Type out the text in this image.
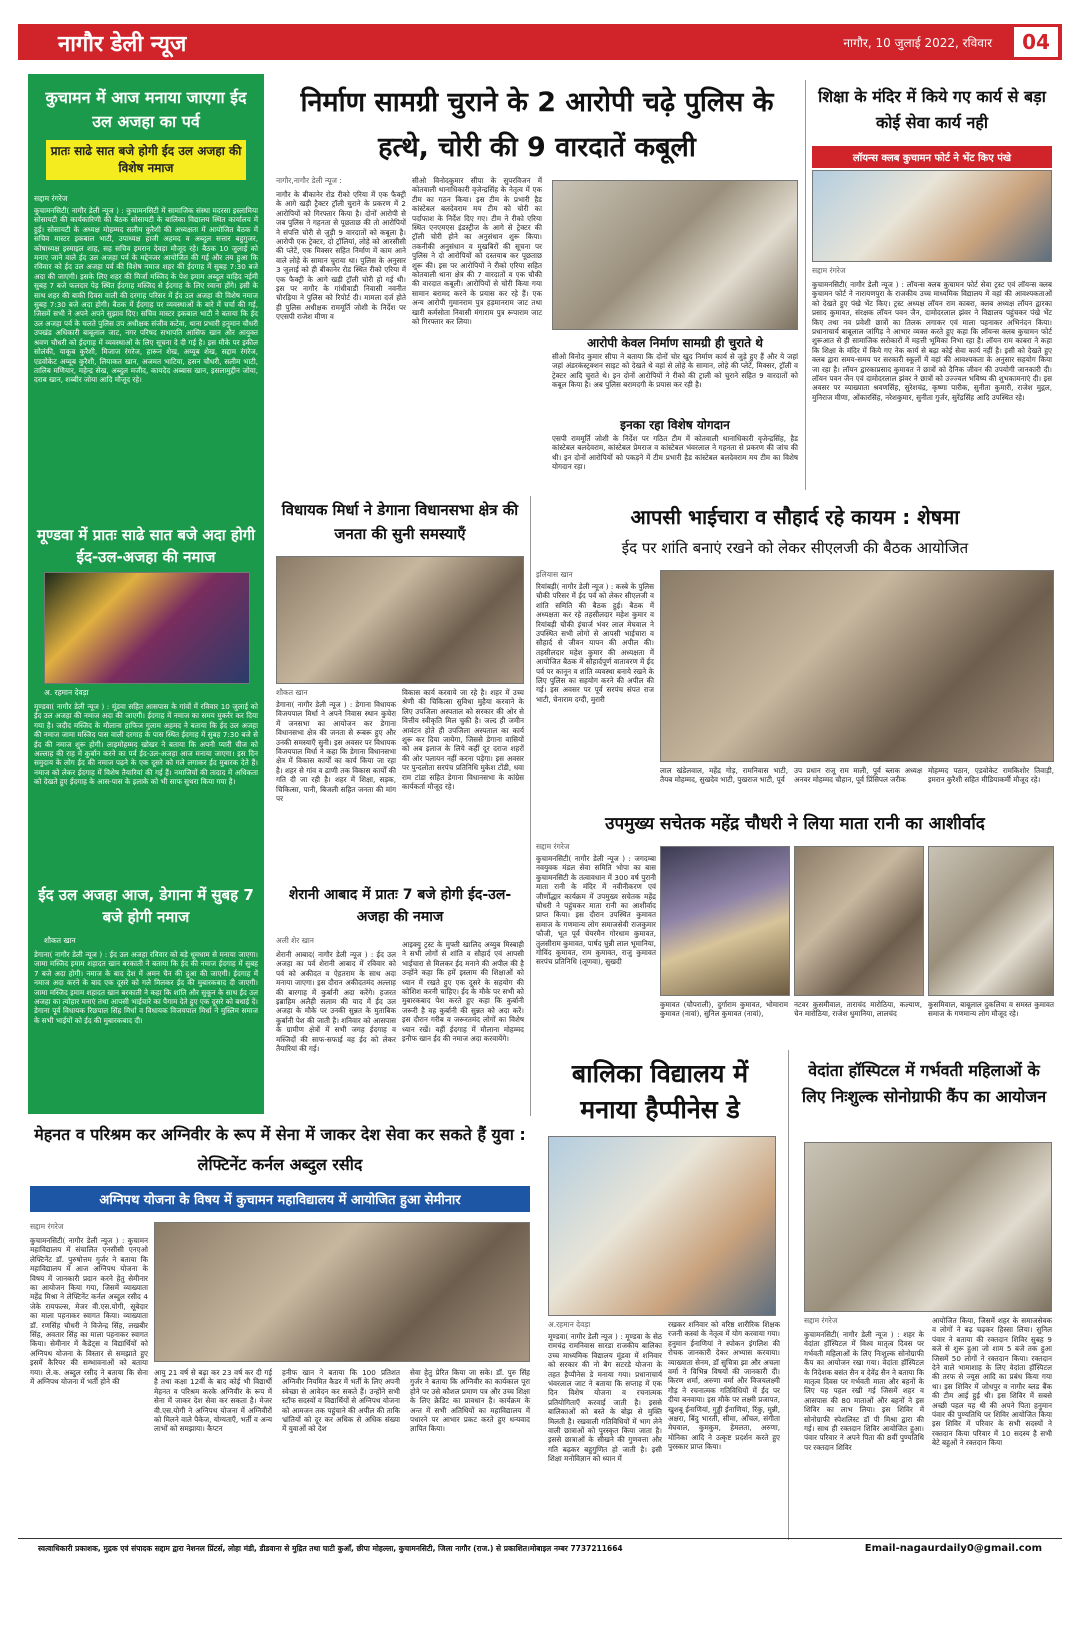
नागौर डेली न्यूज	नागौर, 10 जुलाई 2022, रविवार	04
कुचामन में आज मनाया जाएगा ईद उल अजहा का पर्व
प्रातः साढे सात बजे होगी ईद उल अजहा की विशेष नमाज
सद्दाम रंगरेज
कुचामनसिटी( नागौर डेली न्यूज ) : कुचामनसिटी में सामाजिक संस्था मदरसा इस्लामिया सोसायटी की कार्यकारिणी की बैठक सोसायटी के बालिका विद्यालय स्थित कार्यालय में हुई। सोसायटी के अध्यक्ष मोहम्मद सलीम कुरैशी की अध्यक्षता में आयोजित बैठक में सचिव मास्टर इकबाल भाटी, उपाध्यक्ष हाजी अहमद व अब्दुल सत्तार बहुगुजर, कोषाध्यक्ष इस्माइल शाह, सह सचिव इमरान देवड़ा मौजूद रहे। बैठक 10 जुलाई को मनाए जाने वाले ईद उल अजहा पर्व के मद्देनजर आयोजित की गई और तय हुआ कि रविवार को ईद उल अजहा पर्व की विशेष नमाज शहर की ईदगाह में सुबह 7:30 बजे अदा की जाएगी। इसके लिए शहर की मिर्जा मस्जिद के पेश इमाम अब्दुल वाहिद नईमी सुबह 7 बजे फलदार पेड़ स्थित ईदगाह मस्जिद से ईदगाह के लिए रवाना होंगे। इसी के साथ शहर की बाकी दिवस वाली की दरगाह परिसर में ईद उल अजहा की विशेष नमाज सुबह 7:30 बजे अदा होगी। बैठक में ईदगाह पर व्यवस्थाओं के बारे में चर्चा की गई, जिसमें सभी ने अपने अपने सुझाव दिए। सचिव मास्टर इकबाल भाटी ने बताया कि ईद उल अजहा पर्व के चलते पुलिस उप अधीक्षक संजीव कटेवा, थाना प्रभारी हनुमान चौधरी उपखंड अधिकारी बाबूलाल जाट, नगर परिषद सभापति आसिफ खान और आयुक्त श्रवण चौधरी को ईदगाह में व्यवस्थाओं के लिए सूचना दे दी गई है। इस मौके पर इकील सोलंकी, याकूब कुरैशी, मिजाज रंगरेज, हारून शेख, अय्यूब शेख, सद्दाम रंगरेज, एडवोकेट अय्यूब कुरैशी, लियाकत खान, अजमत भाटिया, हसन चौधरी, सलीम भाटी, तालिब मणियार, महेन्द्र सेख, अब्दुल मजीद, कायदेद अब्बास खान, इसलामुद्दीन जोया, दराब खान, शब्बीर जोया आदि मौजूद रहे।
मूण्डवा में प्रातः साढे सात बजे अदा होगी ईद-उल-अजहा की नमाज
अ. रहमान देवड़ा
मूण्डवा( नागौर डेली न्यूज ) : मूंडवा सहित आसपास के गांवों में रविवार 10 जुलाई को ईद उल अजहा की नमाज अदा की जाएगी। ईदगाह में नमाज का समय मुकर्रर कर दिया गया है। जदीद मस्जिद के मौलाना हाफिज गुलाम अहमद ने बताया कि ईद उल अजहा की नमाज जामा मस्जिद पास वाली दरगाह के पास स्थित ईदगाह में सुबह 7:30 बजे से ईद की नमाज शुरू होगी। लाइमोहम्मद खोखर ने बताया कि अपनी प्यारी चीज को अल्लाह की राह में कुर्बान करने का पर्व ईद-उल-अजहा आज मनाया जाएगा। इस दिन समुदाय के लोग ईद की नमाज पढ़ने के एक दूसरे को गले लगाकर ईद मुबारक देते हैं। नमाज को लेकर ईदगाह में विशेष तैयारियां की गई हैं। नमाजियों की तादाद में अधिकता को देखते हुए ईदगाह के आस-पास के इलाके को भी साफ सुथरा किया गया है।
ईद उल अजहा आज, डेगाना में सुबह 7 बजे होगी नमाज
शौकत खान
डेगाना( नागौर डेली न्यूज ) : ईद उल अजहा रविवार को बड़े धूमधाम से मनाया जाएगा। जामा मस्जिद इमाम शहादत खान बरकाती ने बताया कि ईद की नमाज ईदगाह में सुबह 7 बजे अदा होगी। नमाज के बाद देश में अमन चैन की दुआ की जाएगी। ईदगाह में नमाज अदा करने के बाद एक दूसरे को गले मिलकर ईद की मुबारकबाद दी जाएगी। जामा मस्जिद इमाम शहादत खान बरकाती ने कहा कि शांति और सुकून के साथ ईद उल अजहा का त्योहार मनाएं तथा आपसी भाईचारे का पैगाम देते हुए एक दूसरे को बधाई दें। डेगाना पूर्व विधायक रिछपाल सिंह मिर्धा व विधायक विजयपाल मिर्धा ने मुस्लिम समाज के सभी भाईयों को ईद की मुबारकबाद दी।
निर्माण सामग्री चुराने के 2 आरोपी चढ़े पुलिस के हत्थे, चोरी की 9 वारदातें कबूली
नागौर,नागौर डेली न्यूज :
नागौर के बीकानेर रोड रीको एरिया में एक फैक्ट्री के आगे खड़ी ट्रैक्टर ट्रॉली चुराने के प्रकरण में 2 आरोपियों को गिरफ्तार किया है। दोनों आरोपी से जब पुलिस ने गहनता से पूछताछ की तो आरोपियों ने संपत्ति चोरी से जुड़ी 9 वारदातों को कबूला है। आरोपी एक ट्रेक्टर, दो ट्रॉलियां, लोहे को आरसीसी की प्लेटें, एक मिक्सर सहित निर्माण में काम आने वाले लोहे के सामान चुराया था। पुलिस के अनुसार 3 जुलाई को ही बीकानेर रोड स्थित रीको एरिया में एक फैक्ट्री के आगे खड़ी ट्रॉली चोरी हो गई थी। इस पर नागौर के गांधीवाडी निवासी नवनीत चौरड़िया ने पुलिस को रिपोर्ट दी। मामला दर्ज होते ही पुलिस अधीक्षक राममूर्ति जोशी के निर्देश पर एएसपी राजेश मीणा व
सीओ विनोदकुमार सीपा के सुपरविजन में कोतवाली थानाधिकारी वृजेन्द्रसिंह के नेतृत्व में एक टीम का गठन किया। इस टीम के प्रभारी हैड कांस्टेबल बलदेवराम मय टीम को चोरी का पर्दाफाश के निर्देश दिए गए। टीम ने रीको एरिया स्थित एनएमएस इंडस्ट्रीज के आगे से ट्रेक्टर की ट्रॉली चोरी होने का अनुसंधान शुरू किया। तकनीकी अनुसंधान व मुखबिरों की सूचना पर पुलिस ने दो आरोपियों को दस्तयाब कर पूछताछ शुरू की। इस पर आरोपियों ने रीको एरिया सहित कोतवाली थाना क्षेत्र की 7 वारदातों व एक चौकी की वारदात कबूली। आरोपियों से चोरी किया गया सामान बरामद करने के प्रयास कर रहे हैं। एक अन्य आरोपी गुमानराम पुत्र हड़मानराम जाट तथा खारी कर्मसोता निवासी मंगाराम पुत्र रूपाराम जाट को गिरफ्तार कर लिया।
आरोपी केवल निर्माण सामग्री ही चुराते थे
सीओ विनोद कुमार सीपा ने बताया कि दोनों चोर खुद निर्माण कार्य से जुड़े हुए हैं और ये जहां जहां अंडरकंस्ट्रक्शन साइट को देखते थे वहां से लोहे के सामान, लोहे की प्लेटें, मिक्सर, ट्रॉली व ट्रेक्टर आदि चुराते थे। इन दोनों आरोपियों ने रीको की ट्राली को चुराने सहित 9 वारदातों को कबूल किया है। अब पुलिस बरामदगी के प्रयास कर रही है।
इनका रहा विशेष योगदान
एसपी राममूर्ति जोशी के निर्देश पर गठित टीम में कोतवाली थानाधिकारी वृजेन्द्रसिंह, हैड कांस्टेबल बलदेवराम, कांस्टेबल प्रेमराज व कांस्टेबल भंवरलाल ने गहनता से प्रकरण की जांच की थी। इन दोनों आरोपियों को पकड़ने में टीम प्रभारी हैड कांस्टेबल बलदेवराम मय टीम का विशेष योगदान रहा।
शिक्षा के मंदिर में किये गए कार्य से बड़ा कोई सेवा कार्य नही
लॉयन्स क्लब कुचामन फोर्ट ने भेंट किए पंखे
सद्दाम रंगरेज
कुचामनसिटी( नागौर डेली न्यूज ) : लॉयन्स क्लब कुचामन फोर्ट सेवा ट्रस्ट एवं लॉयन्स क्लब कुचामन फोर्ट ने नारायणपुरा के राजकीय उच्च माध्यमिक विद्यालय में वहां की आवश्यकताओं को देखते हुए पंखे भेंट किए। ट्रस्ट अध्यक्ष लॉयन राम काबरा, क्लब अध्यक्ष लॉयन द्वारका प्रसाद कुमावत, संरक्षक लॉयन पवन जैन, दामोदरलाल झंवर ने विद्यालय पहुंचकर पंखे भेंट किए तथा नव प्रवेशी छात्रों का तिलक लगाकर एवं माला पहनाकर अभिनंदन किया। प्रधानाचार्य बाबूलाल जांगिड़ ने आभार व्यक्त करते हुए कहा कि लॉयन्स क्लब कुचामन फोर्ट शुरूआत से ही सामाजिक सरोकारों में महत्ती भूमिका निभा रहा है। लॉयन राम काबरा ने कहा कि शिक्षा के मंदिर में किये गए नेक कार्य से बढ़ा कोई सेवा कार्य नहीं है। इसी को देखते हुए क्लब द्वारा समय-समय पर सरकारी स्कूलों में वहां की आवश्यकता के अनुसार सहयोग किया जा रहा है। लॉयन द्वारकाप्रसाद कुमावत ने छात्रों को दैनिक जीवन की उपयोगी जानकारी दी। लॉयन पवन जैन एवं दामोदरलाल झंवर ने छात्रों को उज्ज्वल भविष्य की शुभकामनाएं दी। इस अवसर पर व्याख्याता श्रवणसिंह, सुरेशचंद्र, कृष्णा पारीक, सुनीता कुमारी, राजेश मुद्गल, मुनिराज मीणा, ओंकारसिंह, नरेशकुमार, सुनीता गुर्जर, सुरेंद्रसिंह आदि उपस्थित रहे।
विधायक मिर्धा ने डेगाना विधानसभा क्षेत्र की जनता की सुनी समस्याएँ
शौकत खान
डेगाना( नागौर डेली न्यूज ) : डेगाना विधायक विजयपाल मिर्धा ने अपने निवास स्थान कुचेरा में जनसभा का आयोजन कर डेगाना विधानसभा क्षेत्र की जनता से रूबरू हुए और उनकी समस्याएँ सुनी। इस अवसर पर विधायक विजयपाल मिर्धा ने कहा कि डेगाना विधानसभा क्षेत्र में विकास कार्यों का कार्य किया जा रहा है। शहर से गांव व ढाणी तक विकास कार्यों की गति दी जा रही है। शहर में शिक्षा, सड़क, चिकित्सा, पानी, बिजली सहित जनता की मांग पर
विकास कार्य करवाये जा रहे है। शहर में उच्च श्रेणी की चिकित्सा सुविधा मुहैया करवाने के लिए उपजिला अस्पताल को सरकार की ओर से वित्तीय स्वीकृति मिल चुकी है। जल्द ही जमीन आवंटन होते ही उपजिला अस्पताल का कार्य शुरू कर दिया जायेगा, जिससे डेगाना वासियों को अब इलाज के लिये कहीं दूर दराज शहरों की ओर पलायन नहीं करना पड़ेगा। इस अवसर पर पुन्दलोता सरपंच प्रतिनिधि मुकेश टोंडी, धवा राम टांडा सहित डेगाना विधानसभा के कांग्रेस कार्यकर्ता मौजूद रहे।
शेरानी आबाद में प्रातः 7 बजे होगी ईद-उल-अजहा की नमाज
अली शेर खान
शेरानी आबाद( नागौर डेली न्यूज ) : ईद उल अजहा का पर्व शेरानी आबाद में रविवार को पर्व को अकीदत व ऐहतराम के साथ अदा मनाया जाएगा। इस दौरान अकीदतमंद अल्लाह की बारगाह में कुर्बानी अदा करेंगे। हजरत इब्राहिम अलैही सलाम की याद में ईद उल अजहा के मौके पर उनकी सुन्नत के मुताबिक कुर्बानी पेश की जाती है। शनिवार को आसपास के ग्रामीण क्षेत्रों में सभी जगह ईदगाह व मस्जिदों की साफ-सफाई वह ईद को लेकर तैयारियां की गई।
आइक्यु ट्रस्ट के मुफ्ती खालिद अय्युब मिस्बाही ने सभी लोगों से शांति व सौहार्द एवं आपसी भाईचारा से मिलकर ईद मनाने की अपील की है उन्होंने कहा कि हमें इस्लाम की शिक्षाओं को ध्यान में रखते हुए एक दूसरे के सहयोग की कोशिश करनी चाहिए। ईद के मौके पर सभी को मुबारकबाद पेश करते हुए कहा कि कुर्बानी जरूरी है वह कुर्बानी की सुन्नत को अदा करें। इस दौरान गरीब व जरूरतमंद लोगों का विशेष ध्यान रखें। वहीं ईदगाह में मौलाना मोहम्मद इनौफ खान ईद की नमाज अदा करवायेंगे।
आपसी भाईचारा व सौहार्द रहे कायम : शेषमा
ईद पर शांति बनाएं रखने को लेकर सीएलजी की बैठक आयोजित
इलियास खान
रियांबड़ी( नागौर डेली न्यूज ) : कस्बे के पुलिस चौकी परिसर में ईद पर्व को लेकर सीएलजी व शांति समिति की बैठक हुई। बैठक में अध्यक्षता कर रहे तहसीलदार महेश कुमार व रियांबड़ी चौकी इंचार्ज भंवर लाल मेघवाल ने उपस्थित सभी लोगो से आपसी भाईचारा व सौहार्द से जीवन यापन की अपील की। तहसीलदार महेश कुमार की अध्यक्षता में आयोजित बैठक में सौहार्दपूर्ण वातावरण में ईद पर्व पर कानून व शांति व्यवस्था बनाये रखने के लिए पुलिस का सहयोग करने की अपील की गई। इस अवसर पर पूर्व सरपंच संपत राज भाटी, चेनाराम दग्दी, मुरारी
लाल खंडेलवाल, महेंद्र गोड़, रामनिवास भाटी, तैयब मोहम्मद, सुखदेव भाटी, पुखराज भाटी, पूर्व
उप प्रधान राजू राम माली, पूर्व ब्लाक अध्यक्ष अनवर मोहम्मद चौहान, पूर्व प्रिंसिपल जरीक
मोहम्मद पठान, एडवोकेट रामकिशोर तिवाड़ी, इमरान कुरैशी सहित मीडियाकर्मी मौजूद रहे।
उपमुख्य सचेतक महेंद्र चौधरी ने लिया माता रानी का आशीर्वाद
सद्दाम रंगरेज
कुचामनसिटी( नागौर डेली न्यूज ) : जगदम्बा नवयुवक मंडल सेवा समिति भोपा का बास कुचामनसिटी के तत्वावधान में 300 वर्ष पुरानी माता रानी के मंदिर में नवीनीकरण एवं जीर्णोद्धार कार्यक्रम में उपमुख्य सचेतक महेंद्र चौधरी ने पहुंचकर माता रानी का आशीर्वाद प्राप्त किया। इस दौरान उपस्थित कुमावत समाज के गणमान्य लोग समाजसेवी राजकुमार फौजी, भूत पूर्व चेयरमैन गोरधाम कुमावत, तुलसीराम कुमावत, पार्षद चुन्नी लाल भूमानिया, गोविंद कुमावत, राम कुमावत, राजु कुमावत सरपंच प्रतिनिधि (लूणवा), सुखदी
कुमावत (चौपराली), दुर्गाराम कुमावत, भोमाराम कुमावत (नावां), सुनिल कुमावत (नावां),
नटवर कुसमीवाल, ताराचंद मारोठिया, कल्याण, चेन मारोठिया, राजेश धुमानिया, लालचंद
कुसमिवाल, बाबूलाल दुकलिया व समस्त कुमावत समाज के गणमान्य लोग मौजूद रहे।
बालिका विद्यालय में मनाया हैप्पीनेस डे
अ.रहमान देवड़ा
मूण्डवा( नागौर डेली न्यूज ) : मूण्डवा के सेठ रामचंद्र रामनिवास सारडा राजकीय बालिका उच्च माध्यमिक विद्यालय मूंडवा में शनिवार को सरकार की नो बैग सटरडे योजना के तहत हैप्पीनेस डे मनाया गया। प्रधानाचार्य भंवरलाल जाट ने बताया कि सप्ताह में एक दिन विशेष योजना व रचनात्मक प्रतियोगिताएँ करवाई जाती है। इससे बालिकाओं को बस्ते के बोझ से मुक्ति मिलती है। रखवाली गतिविधियों में भाग लेने वाली छात्राओं को पुरस्कृत किया जाता है। इससे छात्राओं के सीखने की गुणवत्ता और गति बढ़कर बहुगुणित हो जाती है। इसी शिक्षा मनोविज्ञान को ध्यान में
रखकर शनिवार को वरिष्ठ शारीरिक शिक्षक रजनी कस्वां के नेतृत्व में योग करवाया गया। हनुमान ईनाणियां ने स्पोकन इंगलिश की रोचक जानकारी देकर अभ्यास करवाया। व्याख्याता सेनम, डॉ सुचित्रा झा और अचला वर्मा ने विभिन्न विषयों की जानकारी दी। किरण शर्मा, अरुणा वर्मा और विजयलक्ष्मी गौड़ ने रचनात्मक गतिविधियों में ईद पर दीया बनवाया। इस मौके पर लक्ष्मी प्रजापत, खुशबू ईनाणियां, गुड्डी ईनाणियां, रिंकु, मुन्नी, अक्षरा, बिंदु भारती, सीमा, आँचल, संगीता मेघवाल, कुमकुम, हेमलता, अरुणा, मोनिका आदि ने उत्कृष्ट प्रदर्शन करते हुए पुरस्कार प्राप्त किया।
वेदांता हॉस्पिटल में गर्भवती महिलाओं के लिए निःशुल्क सोनोग्राफी कैंप का आयोजन
सद्दाम रंगरेज
कुचामनसिटी( नागौर डेली न्यूज ) : शहर के वेदांता हॉस्पिटल में विश्व मातृत्व दिवस पर गर्भवती महिलाओं के लिए निःशुल्क सोनोग्राफी कैंप का आयोजन रखा गया। वेदांता हॉस्पिटल के निदेशक बसंत सैन व देवेंद्र सैन ने बताया कि मातृत्व दिवस पर गर्भवती माता और बहनों के लिए यह पहल रखी गई जिसमें शहर व आसपास की 80 माताओं और बहनों ने इस शिविर का लाभ लिया। इस शिविर में सोनोग्राफी स्पेशलिस्ट डॉ पी मिश्रा द्वारा की गई। साथ ही रक्तदान शिविर आयोजित हुआ। पंवार परिवार ने अपने पिता की 8वीं पुण्यतिथि पर रक्तदान शिविर
आयोजित किया, जिसमें शहर के समाजसेवक व लोगों ने बढ़ चढ़कर हिस्सा लिया। सुनिल पंवार ने बताया की रक्तदान शिविर सुबह 9 बजे से शुरू हुआ जो शाम 5 बजे तक हुआ जिसमें 50 लोगों ने रक्तदान किया। रक्तदान देने वाले भामाशाह के लिए वेदांता हॉस्पिटल की तरफ से ज्यूस आदि का प्रबंध किया गया था। इस शिविर में जोधपुर व नागौर ब्लड बैंक की टीम आई हुई थी। इस शिविर में सबसे अच्छी पहल यह थी की अपने पिता हनुमान पंवार की पुण्यतिथि पर शिविर आयोजित किया इस शिविर में परिवार के सभी सदस्यों ने रक्तदान किया परिवार में 10 सदस्य है सभी बेटे बहुओं ने रक्तदान किया
मेहनत व परिश्रम कर अग्निवीर के रूप में सेना में जाकर देश सेवा कर सकते हैं युवा : लेफ्टिनेंट कर्नल अब्दुल रसीद
अग्निपथ योजना के विषय में कुचामन महाविद्यालय में आयोजित हुआ सेमीनार
सद्दाम रंगरेज
कुचामनसिटी( नागौर डेली न्यूज ) : कुचामन महाविद्यालय में संचालित एनसीसी एनएओ लेफ्टिनेंट डॉ. पुरुषोत्तम गुर्जर ने बताया कि महाविद्यालय में आज अग्निपथ योजना के विषय में जानकारी प्रदान करने हेतु सेमीनार का आयोजन किया गया, जिसमें व्याख्याता महेंद्र मिश्रा ने लेफ्टिनेंट कर्नल अब्दुल रसीद 4 जेके रायफल्स, मेजर वी.एस.योगी, सूबेदार का माला पहनाकर स्वागत किया। व्याख्याता डॉ. रणसिंह चौधरी ने विजेन्द्र सिंह, लखबीर सिंह, अवतार सिंह का माला पहनाकर स्वागत किया। सेमीनार में कैडेट्स व विद्यार्थियों को अग्निपथ योजना के विस्तार से समझाते हुए इसमें कैरियर की सम्भावनाओं को बताया गया। ले.क. अब्दुल रसीद ने बताया कि सेना में अग्निपथ योजना में भर्ती होने की
आयु 21 वर्ष से बढ़ा कर 23 वर्ष कर दी गई है तथा कक्षा 12वीं के बाद कोई भी विद्यार्थी मेहनत व परिश्रम करके अग्निवीर के रूप में सेना में जाकर देश सेवा कर सकता है। मेजर वी.एस.योगी ने अग्निपथ योजना में अग्निवीरों को मिलने वाले पैकेज, योग्यताएँ, भर्ती व अन्य लाभों को समझाया। कैप्टन
हनीफ खान ने बताया कि 100 प्रतिशत अग्निवीर नियमित कैडर में भर्ती के लिए अपनी स्वेच्छा से आवेदन कर सकते हैं। उन्होंने सभी स्टॉफ सदस्यों व विद्यार्थियों से अग्निपथ योजना को आमजन तक पहुंचाने की अपील की ताकि भ्रांतियों को दूर कर अधिक से अधिक संख्या में युवाओं को देश
सेवा हेतु प्रेरित किया जा सके। डॉ. पुरु सिंह गुर्जर ने बताया कि अग्निवीर का कार्यकाल पूरा होने पर उसे कौशल प्रमाण पत्र और उच्च शिक्षा के लिए क्रेडिट का प्रावधान है। कार्यक्रम के अन्त में सभी अतिथियों का महाविद्यालय में पधारने पर आभार प्रकट करते हुए धन्यवाद ज्ञापित किया।
स्वत्वाधिकारी प्रकाशक, मुद्रक एवं संपादक सद्दाम द्वारा नेशनल प्रिंटर्स, लोहा मंडी, डीडवाना से मुद्रित तथा घाटी कुआँ, छीपा मोहल्ला, कुचामनसिटी, जिला नागौर (राज.) से प्रकाशित।मोबाइल नम्बर 7737211664	Email-nagaurdaily0@gmail.com
